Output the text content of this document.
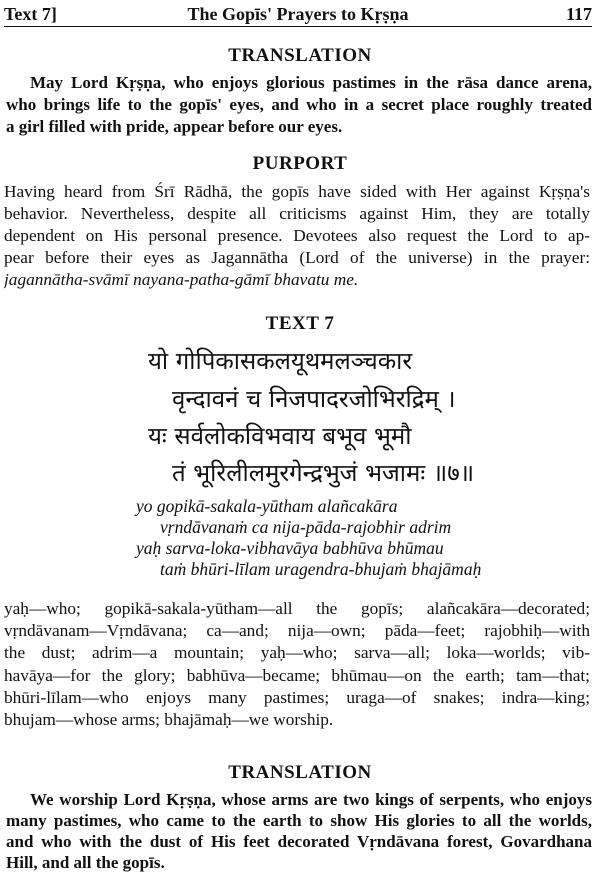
Text 7]	The Gopīs' Prayers to Kṛṣṇa	117
TRANSLATION
May Lord Kṛṣṇa, who enjoys glorious pastimes in the rāsa dance arena,
who brings life to the gopīs' eyes, and who in a secret place roughly treated
a girl filled with pride, appear before our eyes.
PURPORT
Having heard from Śrī Rādhā, the gopīs have sided with Her against Kṛṣṇa's
behavior. Nevertheless, despite all criticisms against Him, they are totally
dependent on His personal presence. Devotees also request the Lord to ap-
pear before their eyes as Jagannātha (Lord of the universe) in the prayer:
jagannātha-svāmī nayana-patha-gāmī bhavatu me.
TEXT 7
यो गोपिकासकलयूथमलञ्चकार
वृन्दावनं च निजपादरजोभिरद्रिम् ।
यः सर्वलोकविभवाय बभूव भूमौ
तं भूरिलीलमुरगेन्द्रभुजं भजामः ॥७॥
yo gopikā-sakala-yūtham alañcakāra
vṛndāvanaṁ ca nija-pāda-rajobhir adrim
yaḥ sarva-loka-vibhavāya babhūva bhūmau
taṁ bhūri-līlam uragendra-bhujaṁ bhajāmaḥ
yaḥ—who; gopikā-sakala-yūtham—all the gopīs; alañcakāra—decorated;
vṛndāvanam—Vṛndāvana; ca—and; nija—own; pāda—feet; rajobhiḥ—with
the dust; adrim—a mountain; yaḥ—who; sarva—all; loka—worlds; vib-
havāya—for the glory; babhūva—became; bhūmau—on the earth; tam—that;
bhūri-līlam—who enjoys many pastimes; uraga—of snakes; indra—king;
bhujam—whose arms; bhajāmaḥ—we worship.
TRANSLATION
We worship Lord Kṛṣṇa, whose arms are two kings of serpents, who enjoys
many pastimes, who came to the earth to show His glories to all the worlds,
and who with the dust of His feet decorated Vṛndāvana forest, Govardhana
Hill, and all the gopīs.
